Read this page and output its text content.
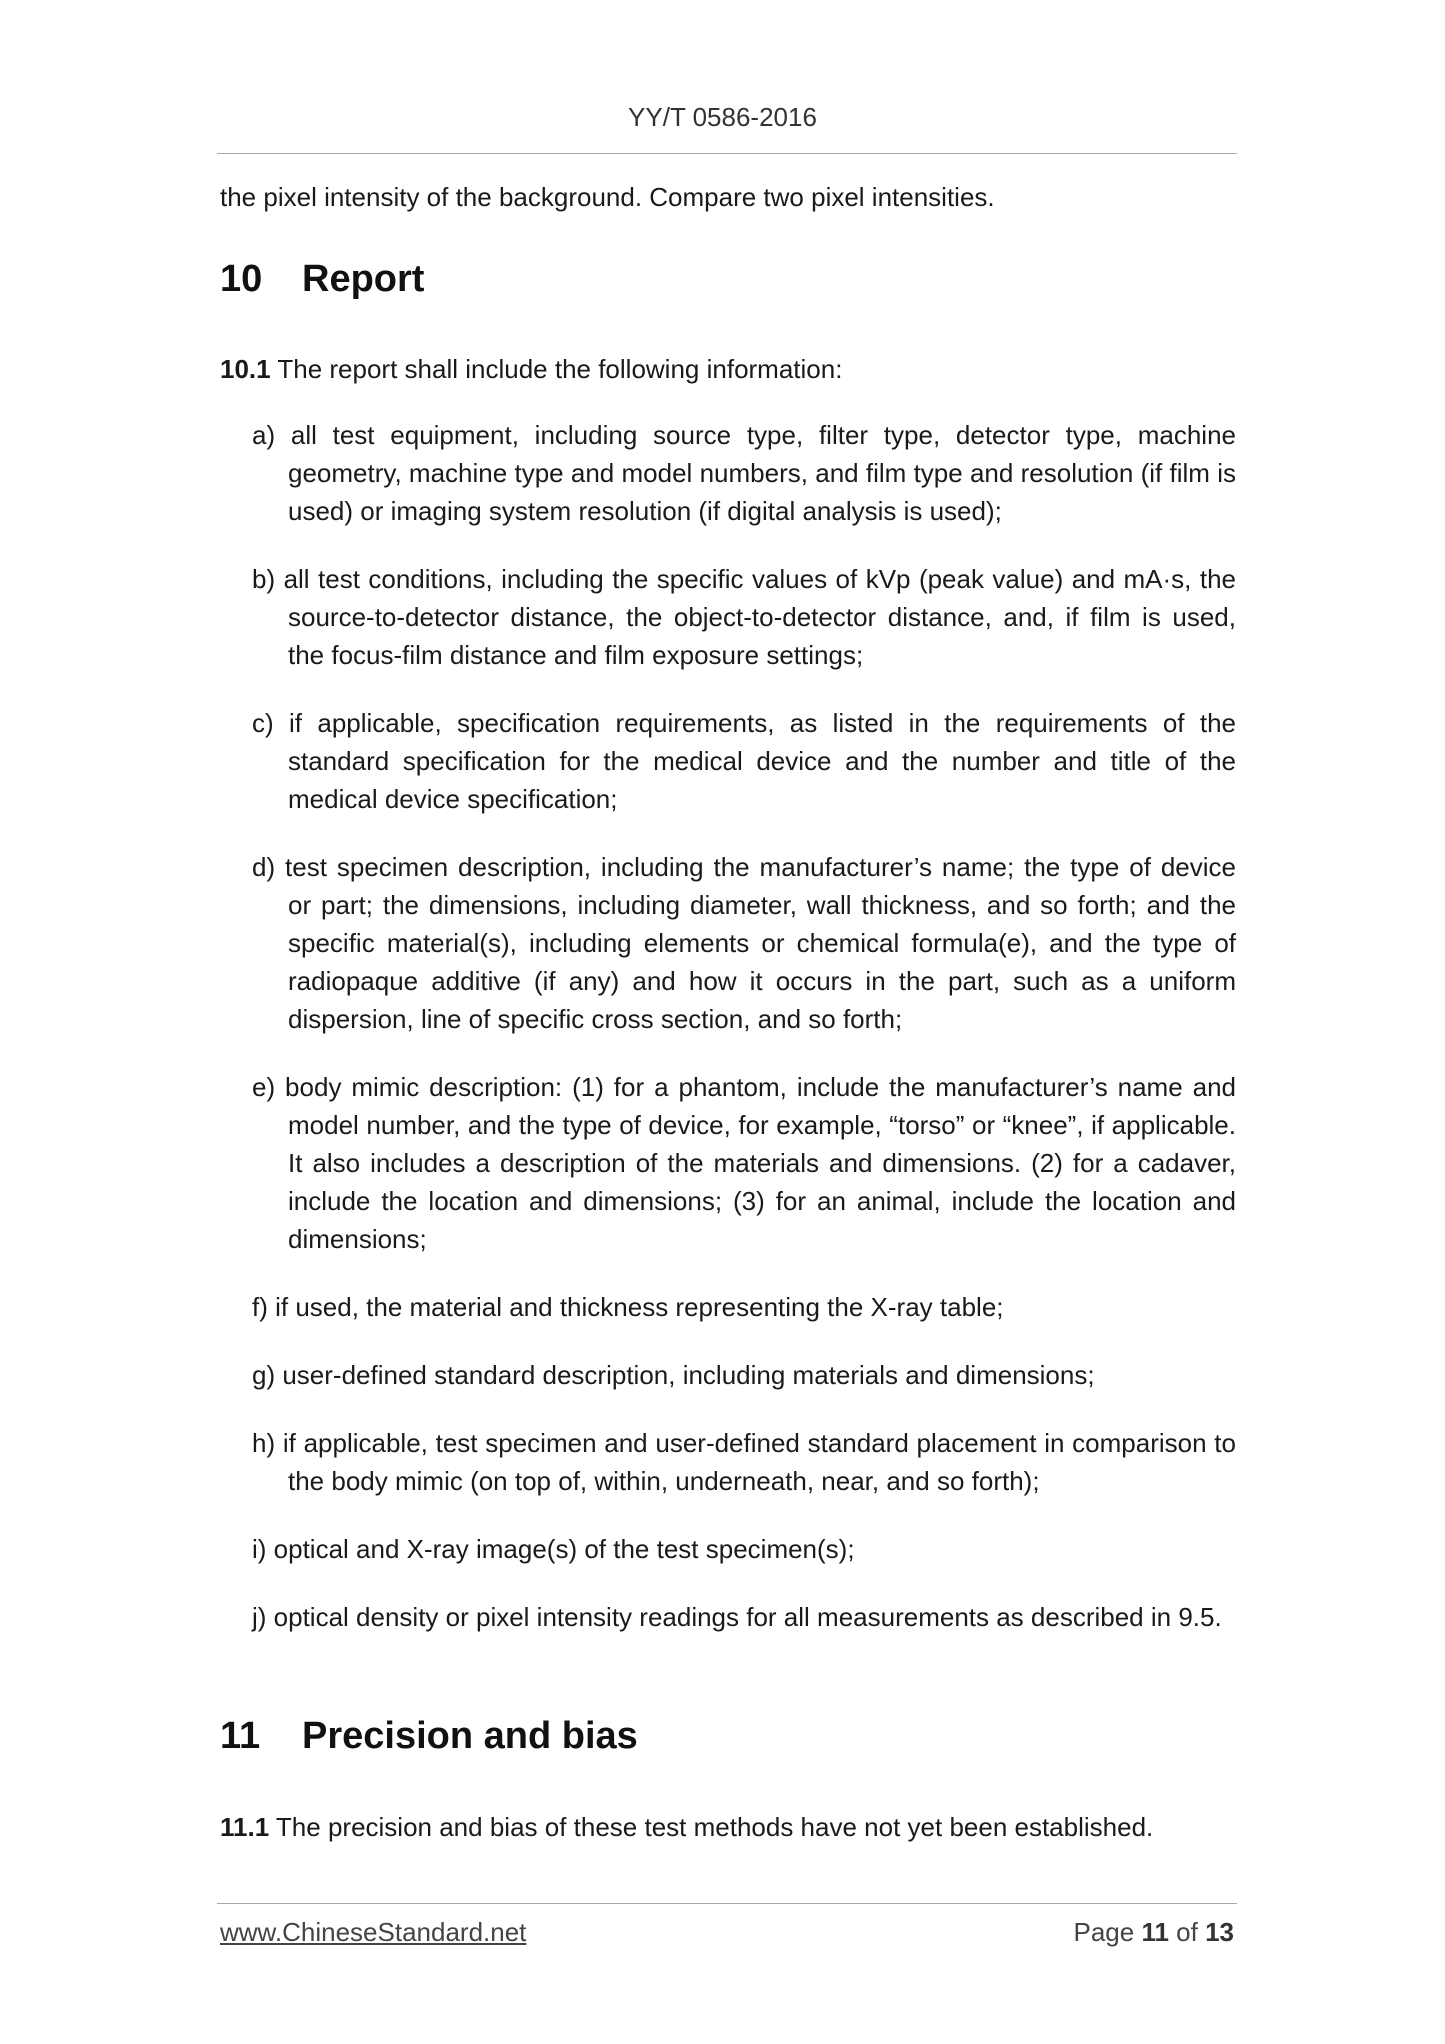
YY/T 0586-2016

the pixel intensity of the background. Compare two pixel intensities.

10 Report

10.1 The report shall include the following information:

a) all test equipment, including source type, filter type, detector type, machine geometry, machine type and model numbers, and film type and resolution (if film is used) or imaging system resolution (if digital analysis is used);
b) all test conditions, including the specific values of kVp (peak value) and mA·s, the source-to-detector distance, the object-to-detector distance, and, if film is used, the focus-film distance and film exposure settings;
c) if applicable, specification requirements, as listed in the requirements of the standard specification for the medical device and the number and title of the medical device specification;
d) test specimen description, including the manufacturer’s name; the type of device or part; the dimensions, including diameter, wall thickness, and so forth; and the specific material(s), including elements or chemical formula(e), and the type of radiopaque additive (if any) and how it occurs in the part, such as a uniform dispersion, line of specific cross section, and so forth;
e) body mimic description: (1) for a phantom, include the manufacturer’s name and model number, and the type of device, for example, “torso” or “knee”, if applicable. It also includes a description of the materials and dimensions. (2) for a cadaver, include the location and dimensions; (3) for an animal, include the location and dimensions;
f) if used, the material and thickness representing the X-ray table;
g) user-defined standard description, including materials and dimensions;
h) if applicable, test specimen and user-defined standard placement in comparison to the body mimic (on top of, within, underneath, near, and so forth);
i) optical and X-ray image(s) of the test specimen(s);
j) optical density or pixel intensity readings for all measurements as described in 9.5.
11 Precision and bias

11.1 The precision and bias of these test methods have not yet been established.

www.ChineseStandard.net	Page 11 of 13
